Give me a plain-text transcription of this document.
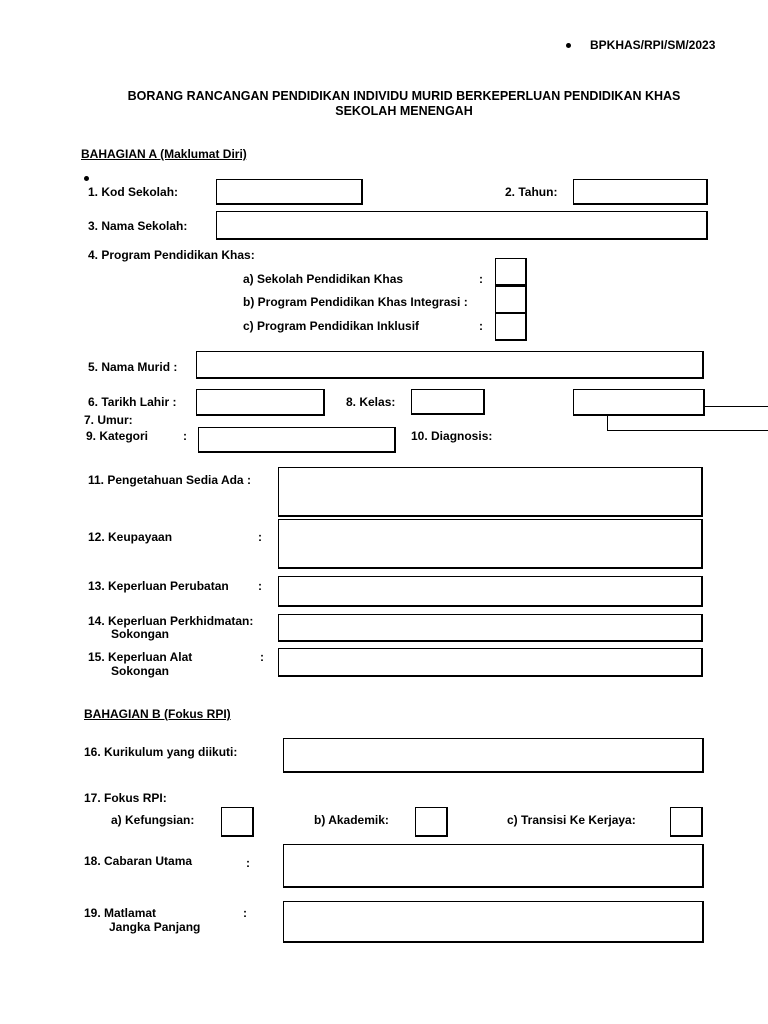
BPKHAS/RPI/SM/2023
BORANG RANCANGAN PENDIDIKAN INDIVIDU MURID BERKEPERLUAN PENDIDIKAN KHAS
SEKOLAH MENENGAH
BAHAGIAN A (Maklumat Diri)
1. Kod Sekolah:	2. Tahun:
3. Nama Sekolah:
4. Program Pendidikan Khas:
a) Sekolah Pendidikan Khas	:
b) Program Pendidikan Khas Integrasi :
c) Program Pendidikan Inklusif	:
5. Nama Murid :
6. Tarikh Lahir :	8. Kelas:
7. Umur:
9. Kategori	:	10. Diagnosis:
11. Pengetahuan Sedia Ada :
12. Keupayaan	:
13. Keperluan Perubatan :
14. Keperluan Perkhidmatan:
Sokongan
15. Keperluan Alat	:
Sokongan
BAHAGIAN B (Fokus RPI)
16. Kurikulum yang diikuti:
17. Fokus RPI:
a) Kefungsian:	b) Akademik:	c) Transisi Ke Kerjaya:
18. Cabaran Utama	:
19. Matlamat	:
Jangka Panjang
